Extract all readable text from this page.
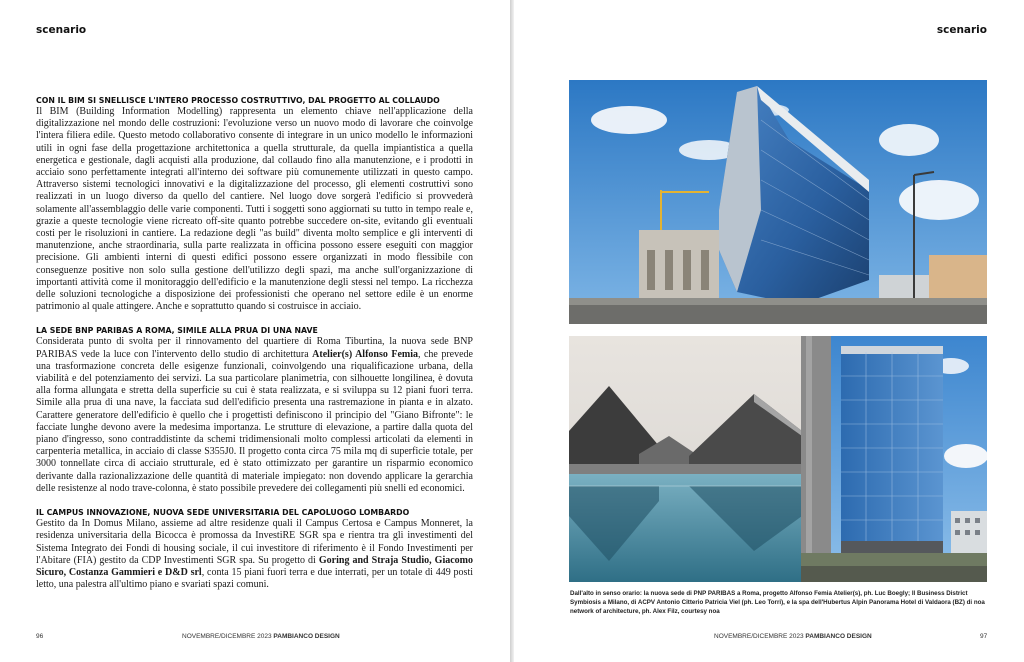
scenario
CON IL BIM SI SNELLISCE L'INTERO PROCESSO COSTRUTTIVO, DAL PROGETTO AL COLLAUDO

Il BIM (Building Information Modelling) rappresenta un elemento chiave nell'applicazione della digitalizzazione nel mondo delle costruzioni: l'evoluzione verso un nuovo modo di lavorare che coinvolge l'intera filiera edile. Questo metodo collaborativo consente di integrare in un unico modello le informazioni utili in ogni fase della progettazione architettonica a quella strutturale, da quella impiantistica a quella energetica e gestionale, dagli acquisti alla produzione, dal collaudo fino alla manutenzione, e i prodotti in acciaio sono perfettamente integrati all'interno dei software più comunemente utilizzati in questo campo. Attraverso sistemi tecnologici innovativi e la digitalizzazione del processo, gli elementi costruttivi sono realizzati in un luogo diverso da quello del cantiere. Nel luogo dove sorgerà l'edificio si provvederà solamente all'assemblaggio delle varie componenti. Tutti i soggetti sono aggiornati su tutto in tempo reale e, grazie a queste tecnologie viene ricreato off-site quanto potrebbe succedere on-site, evitando gli eventuali costi per le risoluzioni in cantiere. La redazione degli "as build" diventa molto semplice e gli interventi di manutenzione, anche straordinaria, sulla parte realizzata in officina possono essere eseguiti con maggior precisione. Gli ambienti interni di questi edifici possono essere organizzati in modo flessibile con conseguenze positive non solo sulla gestione dell'utilizzo degli spazi, ma anche sull'organizzazione di importanti attività come il monitoraggio dell'edificio e la manutenzione degli stessi nel tempo. La ricchezza delle soluzioni tecnologiche a disposizione dei professionisti che operano nel settore edile è un enorme patrimonio al quale attingere. Anche e soprattutto quando si costruisce in acciaio.

LA SEDE BNP PARIBAS A ROMA, SIMILE ALLA PRUA DI UNA NAVE

Considerata punto di svolta per il rinnovamento del quartiere di Roma Tiburtina, la nuova sede BNP PARIBAS vede la luce con l'intervento dello studio di architettura Atelier(s) Alfonso Femia, che prevede una trasformazione concreta delle esigenze funzionali, coinvolgendo una riqualificazione urbana, della viabilità e del potenziamento dei servizi. La sua particolare planimetria, con silhouette longilinea, è dovuta alla forma allungata e stretta della superficie su cui è stata realizzata, e si sviluppa su 12 piani fuori terra. Simile alla prua di una nave, la facciata sud dell'edificio presenta una rastremazione in pianta e in alzato. Carattere generatore dell'edificio è quello che i progettisti definiscono il principio del "Giano Bifronte": le facciate lunghe devono avere la medesima importanza. Le strutture di elevazione, a partire dalla quota del piano d'ingresso, sono contraddistinte da schemi tridimensionali molto complessi articolati da elementi in carpenteria metallica, in acciaio di classe S355J0. Il progetto conta circa 75 mila mq di superficie totale, per 3000 tonnellate circa di acciaio strutturale, ed è stato ottimizzato per garantire un risparmio economico derivante dalla razionalizzazione delle quantità di materiale impiegato: non dovendo applicare la gerarchia delle resistenze al nodo trave-colonna, è stato possibile prevedere dei collegamenti più snelli ed economici.

IL CAMPUS INNOVAZIONE, NUOVA SEDE UNIVERSITARIA DEL CAPOLUOGO LOMBARDO

Gestito da In Domus Milano, assieme ad altre residenze quali il Campus Certosa e Campus Monneret, la residenza universitaria della Bicocca è promossa da InvestiRE SGR spa e rientra tra gli investimenti del Sistema Integrato dei Fondi di housing sociale, il cui investitore di riferimento è il Fondo Investimenti per l'Abitare (FIA) gestito da CDP Investimenti SGR spa. Su progetto di Goring and Straja Studio, Giacomo Sicuro, Costanza Gammieri e D&D srl, conta 15 piani fuori terra e due interrati, per un totale di 449 posti letto, una palestra all'ultimo piano e svariati spazi comuni.

96	NOVEMBRE/DICEMBRE 2023 PAMBIANCO DESIGN
scenario
Dall'alto in senso orario: la nuova sede di PNP PARIBAS a Roma, progetto Alfonso Femia Atelier(s), ph. Luc Boegly; Il Business District Symbiosis a Milano, di ACPV Antonio Citterio Patricia Viel (ph. Leo Torri), e la spa dell'Hubertus Alpin Panorama Hotel di Valdaora (BZ) di noa network of architecture, ph. Alex Filz, courtesy noa
NOVEMBRE/DICEMBRE 2023 PAMBIANCO DESIGN	97
